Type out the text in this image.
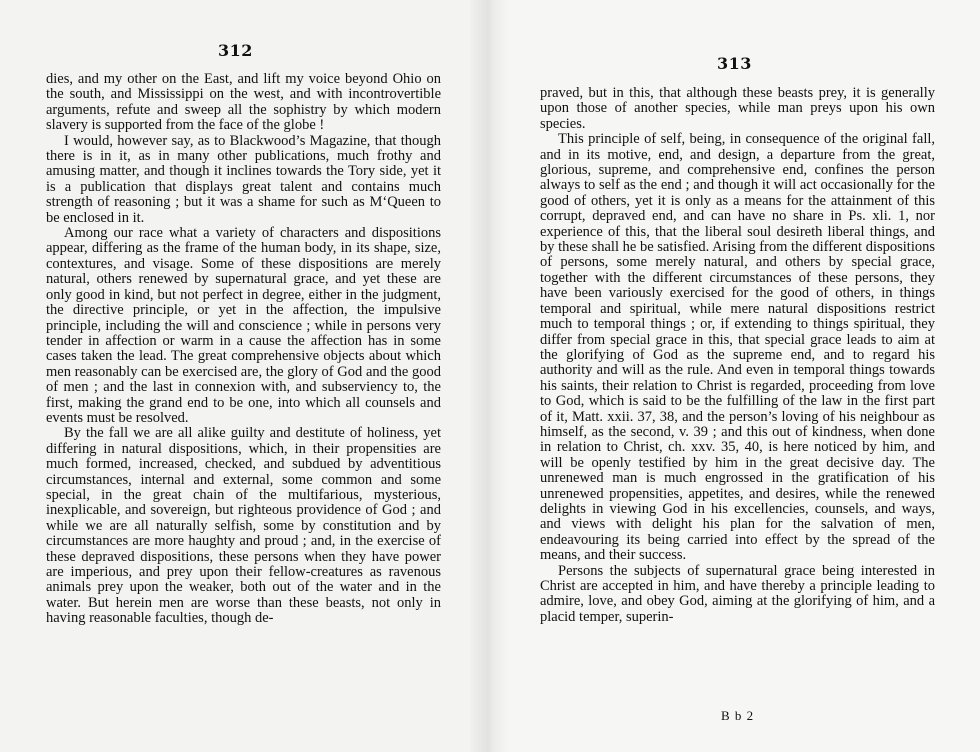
312
313

dies, and my other on the East, and lift my voice beyond Ohio on the south, and Mississippi on the west, and with incontrovertible arguments, refute and sweep all the sophistry by which modern slavery is supported from the face of the globe !

I would, however say, as to Blackwood’s Magazine, that though there is in it, as in many other publications, much frothy and amusing matter, and though it inclines towards the Tory side, yet it is a publication that displays great talent and contains much strength of reasoning ; but it was a shame for such as M‘Queen to be enclosed in it.

Among our race what a variety of characters and dispositions appear, differing as the frame of the human body, in its shape, size, contextures, and visage. Some of these dispositions are merely natural, others renewed by supernatural grace, and yet these are only good in kind, but not perfect in degree, either in the judgment, the directive principle, or yet in the affection, the impulsive principle, including the will and conscience ; while in persons very tender in affection or warm in a cause the affection has in some cases taken the lead. The great comprehensive objects about which men reasonably can be exercised are, the glory of God and the good of men ; and the last in connexion with, and subserviency to, the first, making the grand end to be one, into which all counsels and events must be resolved.

By the fall we are all alike guilty and destitute of holiness, yet differing in natural dispositions, which, in their propensities are much formed, increased, checked, and subdued by adventitious circumstances, internal and external, some common and some special, in the great chain of the multifarious, mysterious, inexplicable, and sovereign, but righteous providence of God ; and while we are all naturally selfish, some by constitution and by circumstances are more haughty and proud ; and, in the exercise of these depraved dispositions, these persons when they have power are imperious, and prey upon their fellow-creatures as ravenous animals prey upon the weaker, both out of the water and in the water. But herein men are worse than these beasts, not only in having reasonable faculties, though de-

praved, but in this, that although these beasts prey, it is generally upon those of another species, while man preys upon his own species.

This principle of self, being, in consequence of the original fall, and in its motive, end, and design, a departure from the great, glorious, supreme, and comprehensive end, confines the person always to self as the end ; and though it will act occasionally for the good of others, yet it is only as a means for the attainment of this corrupt, depraved end, and can have no share in Ps. xli. 1, nor experience of this, that the liberal soul desireth liberal things, and by these shall he be satisfied. Arising from the different dispositions of persons, some merely natural, and others by special grace, together with the different circumstances of these persons, they have been variously exercised for the good of others, in things temporal and spiritual, while mere natural dispositions restrict much to temporal things ; or, if extending to things spiritual, they differ from special grace in this, that special grace leads to aim at the glorifying of God as the supreme end, and to regard his authority and will as the rule. And even in temporal things towards his saints, their relation to Christ is regarded, proceeding from love to God, which is said to be the fulfilling of the law in the first part of it, Matt. xxii. 37, 38, and the person’s loving of his neighbour as himself, as the second, v. 39 ; and this out of kindness, when done in relation to Christ, ch. xxv. 35, 40, is here noticed by him, and will be openly testified by him in the great decisive day. The unrenewed man is much engrossed in the gratification of his unrenewed propensities, appetites, and desires, while the renewed delights in viewing God in his excellencies, counsels, and ways, and views with delight his plan for the salvation of men, endeavouring its being carried into effect by the spread of the means, and their success.

Persons the subjects of supernatural grace being interested in Christ are accepted in him, and have thereby a principle leading to admire, love, and obey God, aiming at the glorifying of him, and a placid temper, superin-

B b 2
